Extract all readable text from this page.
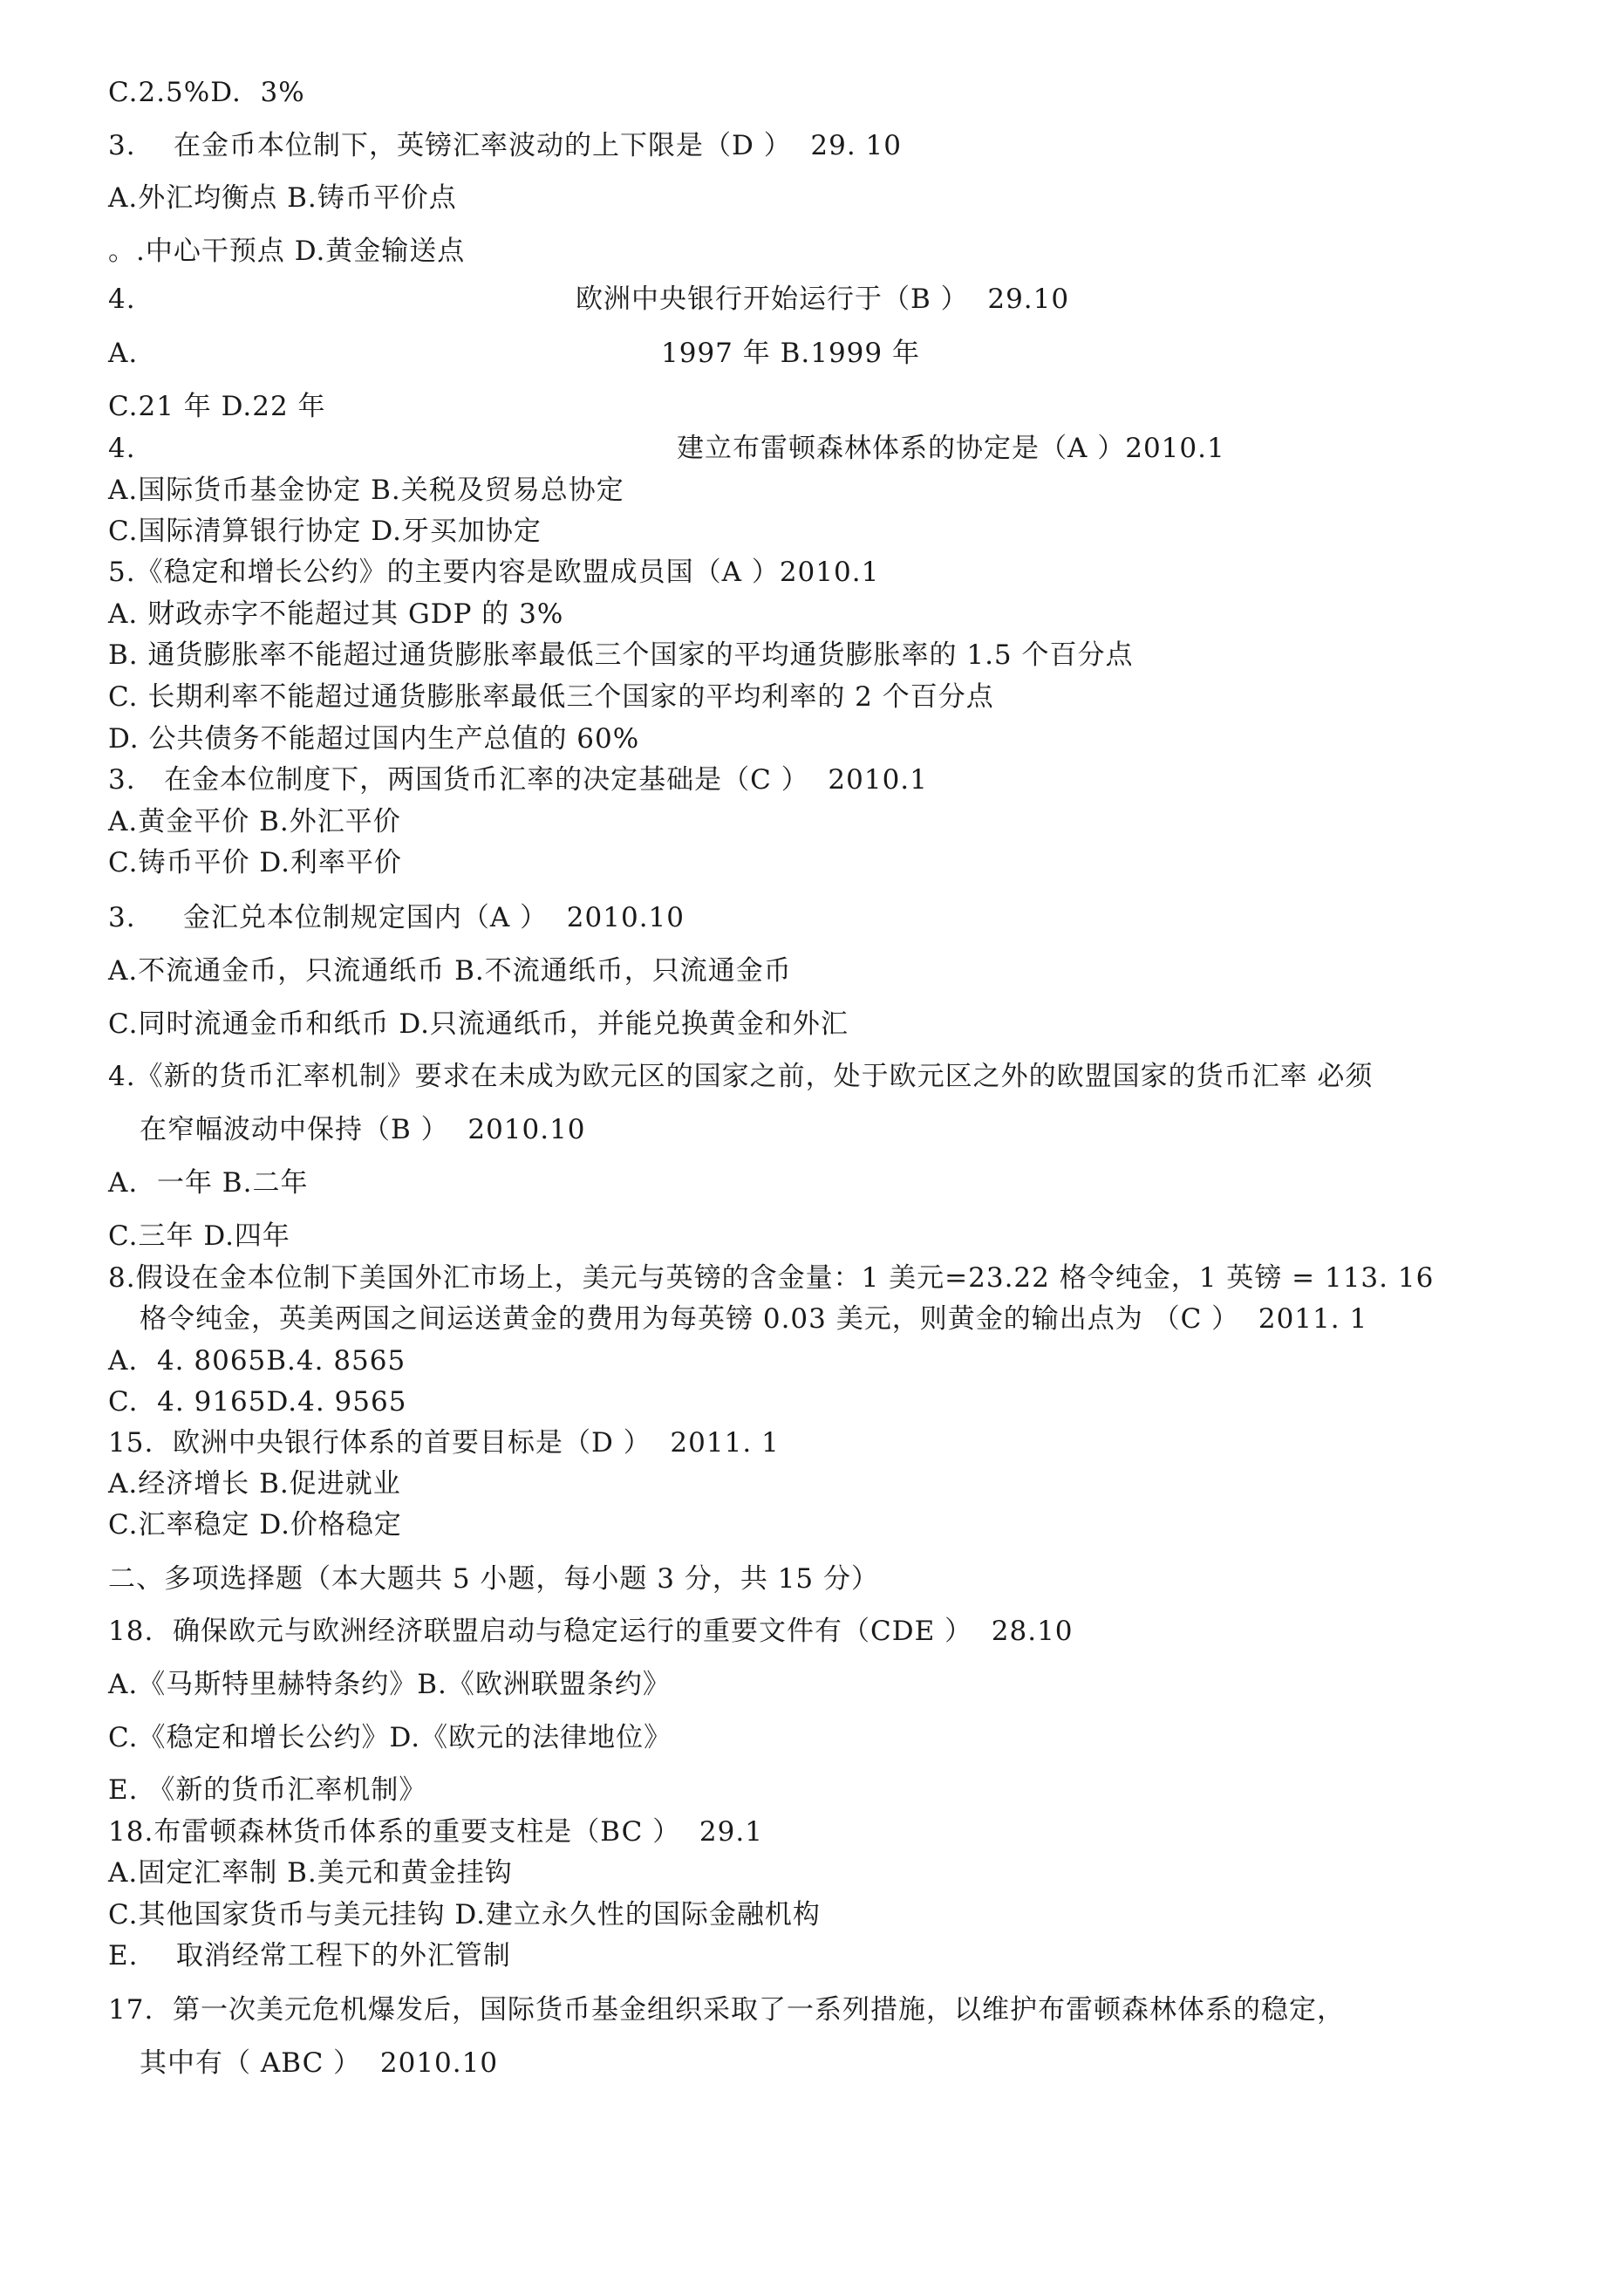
C.2.5%D.  3%
3.    在金币本位制下，英镑汇率波动的上下限是（D ）  29. 10
A.外汇均衡点 B.铸币平价点
。.中心干预点 D.黄金输送点
4.	欧洲中央银行开始运行于（B ）  29.10
A.	1997 年 B.1999 年
C.21 年 D.22 年
4.	建立布雷顿森林体系的协定是（A ）2010.1
A.国际货币基金协定 B.关税及贸易总协定
C.国际清算银行协定 D.牙买加协定
5.《稳定和增长公约》的主要内容是欧盟成员国（A ）2010.1
A. 财政赤字不能超过其 GDP 的 3%
B. 通货膨胀率不能超过通货膨胀率最低三个国家的平均通货膨胀率的 1.5 个百分点
C. 长期利率不能超过通货膨胀率最低三个国家的平均利率的 2 个百分点
D. 公共债务不能超过国内生产总值的 60%
3.   在金本位制度下，两国货币汇率的决定基础是（C ）  2010.1
A.黄金平价 B.外汇平价
C.铸币平价 D.利率平价
3.     金汇兑本位制规定国内（A ）  2010.10
A.不流通金币，只流通纸币 B.不流通纸币，只流通金币
C.同时流通金币和纸币 D.只流通纸币，并能兑换黄金和外汇
4.《新的货币汇率机制》要求在未成为欧元区的国家之前，处于欧元区之外的欧盟国家的货币汇率 必须
在窄幅波动中保持（B ）  2010.10
A.  一年 B.二年
C.三年 D.四年
8.假设在金本位制下美国外汇市场上，美元与英镑的含金量：1 美元=23.22 格令纯金，1 英镑 = 113. 16
格令纯金，英美两国之间运送黄金的费用为每英镑 0.03 美元，则黄金的输出点为 （C ）  2011. 1
A.  4. 8065B.4. 8565
C.  4. 9165D.4. 9565
15.  欧洲中央银行体系的首要目标是（D ）  2011. 1
A.经济增长 B.促进就业
C.汇率稳定 D.价格稳定
二、多项选择题（本大题共 5 小题，每小题 3 分，共 15 分）
18.  确保欧元与欧洲经济联盟启动与稳定运行的重要文件有（CDE ）  28.10
A.《马斯特里赫特条约》B.《欧洲联盟条约》
C.《稳定和增长公约》D.《欧元的法律地位》
E. 《新的货币汇率机制》
18.布雷顿森林货币体系的重要支柱是（BC ）  29.1
A.固定汇率制 B.美元和黄金挂钩
C.其他国家货币与美元挂钩 D.建立永久性的国际金融机构
E.    取消经常工程下的外汇管制
17.  第一次美元危机爆发后，国际货币基金组织采取了一系列措施，以维护布雷顿森林体系的稳定，
其中有（ ABC ）  2010.10
